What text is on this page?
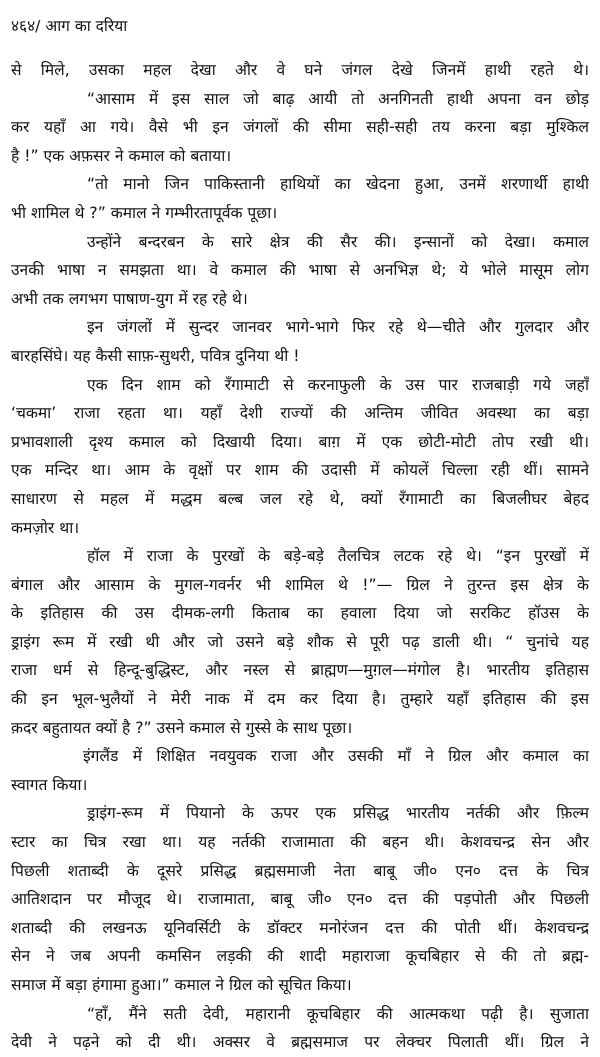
४६४/ आग का दरिया
से मिले, उसका महल देखा और वे घने जंगल देखे जिनमें हाथी रहते थे।
“आसाम में इस साल जो बाढ़ आयी तो अनगिनती हाथी अपना वन छोड़
कर यहाँ आ गये। वैसे भी इन जंगलों की सीमा सही-सही तय करना बड़ा मुश्किल
है !” एक अफ़सर ने कमाल को बताया।
“तो मानो जिन पाकिस्तानी हाथियों का खेदना हुआ, उनमें शरणार्थी हाथी
भी शामिल थे ?” कमाल ने गम्भीरतापूर्वक पूछा।
उन्होंने बन्दरबन के सारे क्षेत्र की सैर की। इन्सानों को देखा। कमाल
उनकी भाषा न समझता था। वे कमाल की भाषा से अनभिज्ञ थे; ये भोले मासूम लोग
अभी तक लगभग पाषाण-युग में रह रहे थे।
इन जंगलों में सुन्दर जानवर भागे-भागे फिर रहे थे—चीते और गुलदार और
बारहसिंघे। यह कैसी साफ़-सुथरी, पवित्र दुनिया थी !
एक दिन शाम को रँगामाटी से करनाफुली के उस पार राजबाड़ी गये जहाँ
‘चकमा’ राजा रहता था। यहाँ देशी राज्यों की अन्तिम जीवित अवस्था का बड़ा
प्रभावशाली दृश्य कमाल को दिखायी दिया। बाग़ में एक छोटी-मोटी तोप रखी थी।
एक मन्दिर था। आम के वृक्षों पर शाम की उदासी में कोयलें चिल्ला रही थीं। सामने
साधारण से महल में मद्धम बल्ब जल रहे थे, क्यों रँगामाटी का बिजलीघर बेहद
कमज़ोर था।
हॉल में राजा के पुरखों के बड़े-बड़े तैलचित्र लटक रहे थे। “इन पुरखों में
बंगाल और आसाम के मुगल-गवर्नर भी शामिल थे !”— ग्रिल ने तुरन्त इस क्षेत्र के
के इतिहास की उस दीमक-लगी किताब का हवाला दिया जो सरकिट हॉउस के
ड्राइंग रूम में रखी थी और जो उसने बड़े शौक से पूरी पढ़ डाली थी। “ चुनांचे यह
राजा धर्म से हिन्दू-बुद्धिस्ट, और नस्ल से ब्राह्मण—मुग़ल—मंगोल है। भारतीय इतिहास
की इन भूल-भुलैयों ने मेरी नाक में दम कर दिया है। तुम्हारे यहाँ इतिहास की इस
क़दर बहुतायत क्यों है ?” उसने कमाल से गुस्से के साथ पूछा।
इंगलैंड में शिक्षित नवयुवक राजा और उसकी माँ ने ग्रिल और कमाल का
स्वागत किया।
ड्राइंग-रूम में पियानो के ऊपर एक प्रसिद्ध भारतीय नर्तकी और फ़िल्म
स्टार का चित्र रखा था। यह नर्तकी राजामाता की बहन थी। केशवचन्द्र सेन और
पिछली शताब्दी के दूसरे प्रसिद्ध ब्रह्मसमाजी नेता बाबू जी० एन० दत्त के चित्र
आतिशदान पर मौजूद थे। राजामाता, बाबू जी० एन० दत्त की पड़पोती और पिछली
शताब्दी की लखनऊ यूनिवर्सिटी के डॉक्टर मनोरंजन दत्त की पोती थीं। केशवचन्द्र
सेन ने जब अपनी कमसिन लड़की की शादी महाराजा कूचबिहार से की तो ब्रह्म-
समाज में बड़ा हंगामा हुआ।” कमाल ने ग्रिल को सूचित किया।
“हाँ, मैंने सती देवी, महारानी कूचबिहार की आत्मकथा पढ़ी है। सुजाता
देवी ने पढ़ने को दी थी। अक्सर वे ब्रह्मसमाज पर लेक्चर पिलाती थीं। ग्रिल ने
